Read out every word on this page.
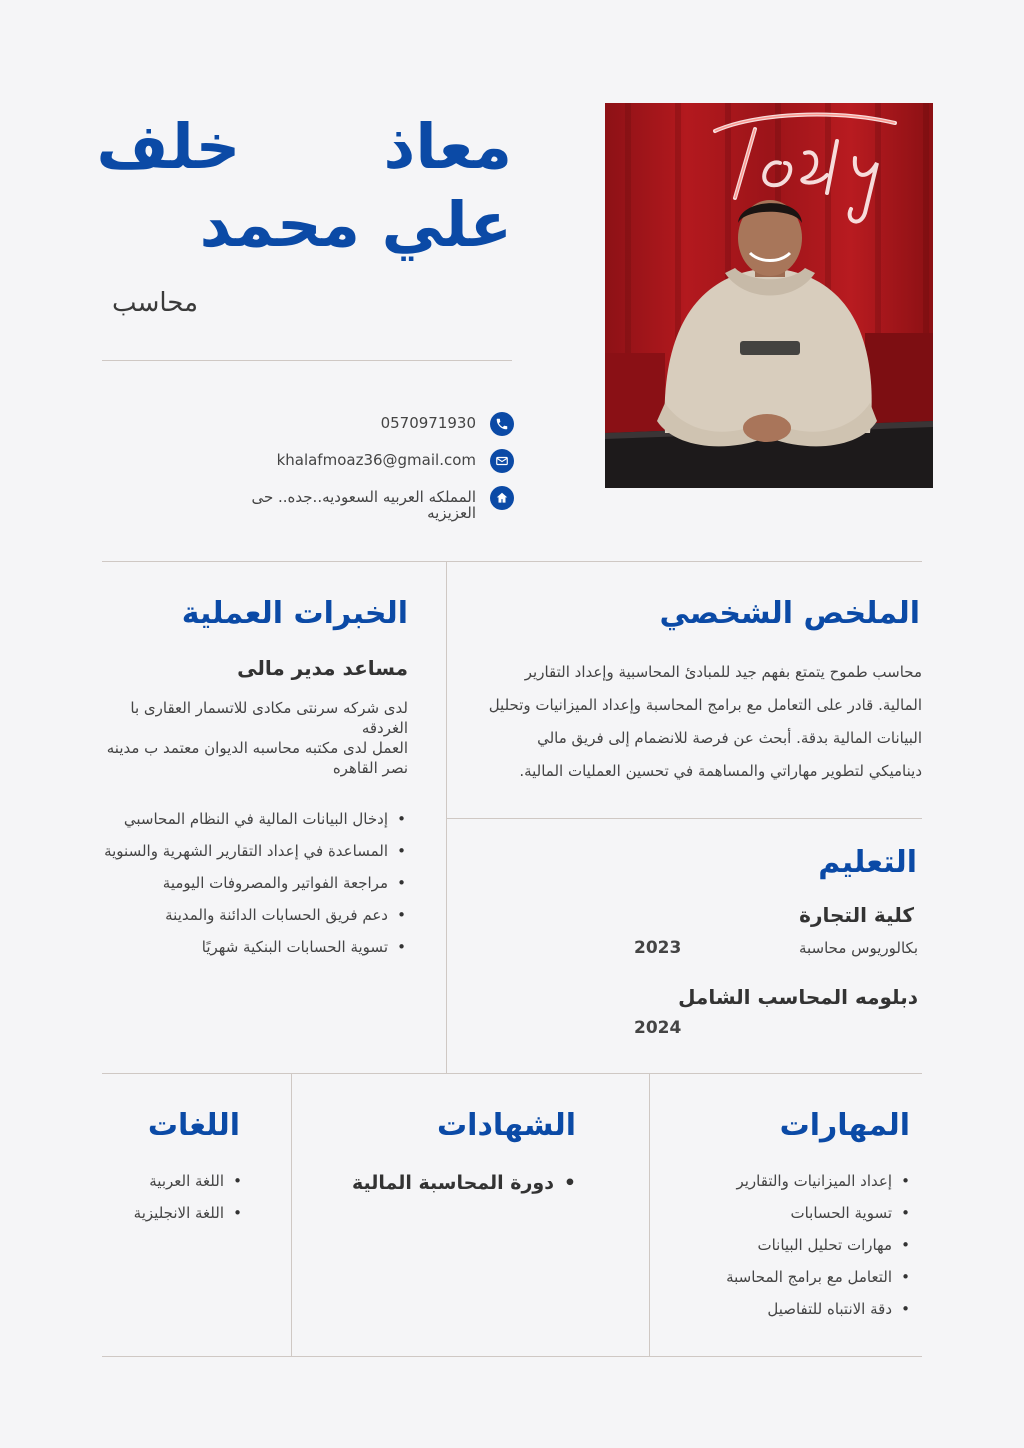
معاذ  خلف
علي محمد
محاسب
0570971930
khalafmoaz36@gmail.com
المملكه العربيه السعوديه..جده.. حى العزيزيه
الملخص الشخصي
محاسب طموح يتمتع بفهم جيد للمبادئ المحاسبية وإعداد التقارير المالية. قادر على التعامل مع برامج المحاسبة وإعداد الميزانيات وتحليل البيانات المالية بدقة. أبحث عن فرصة للانضمام إلى فريق مالي ديناميكي لتطوير مهاراتي والمساهمة في تحسين العمليات المالية.
الخبرات العملية
مساعد مدير مالى
لدى شركه سرنتى مكادى للاتسمار العقارى با الغردقه
العمل لدى مكتبه محاسبه الديوان معتمد ب مدينه نصر القاهره
• إدخال البيانات المالية في النظام المحاسبي
• المساعدة في إعداد التقارير الشهرية والسنوية
• مراجعة الفواتير والمصروفات اليومية
• دعم فريق الحسابات الدائنة والمدينة
• تسوية الحسابات البنكية شهريًا
التعليم
كلية التجارة
بكالوريوس محاسبة
2023
دبلومه المحاسب الشامل
2024
المهارات
• إعداد الميزانيات والتقارير
• تسوية الحسابات
• مهارات تحليل البيانات
• التعامل مع برامج المحاسبة
• دقة الانتباه للتفاصيل
الشهادات
• دورة المحاسبة المالية
اللغات
• اللغة العربية
• اللغة الانجليزية
